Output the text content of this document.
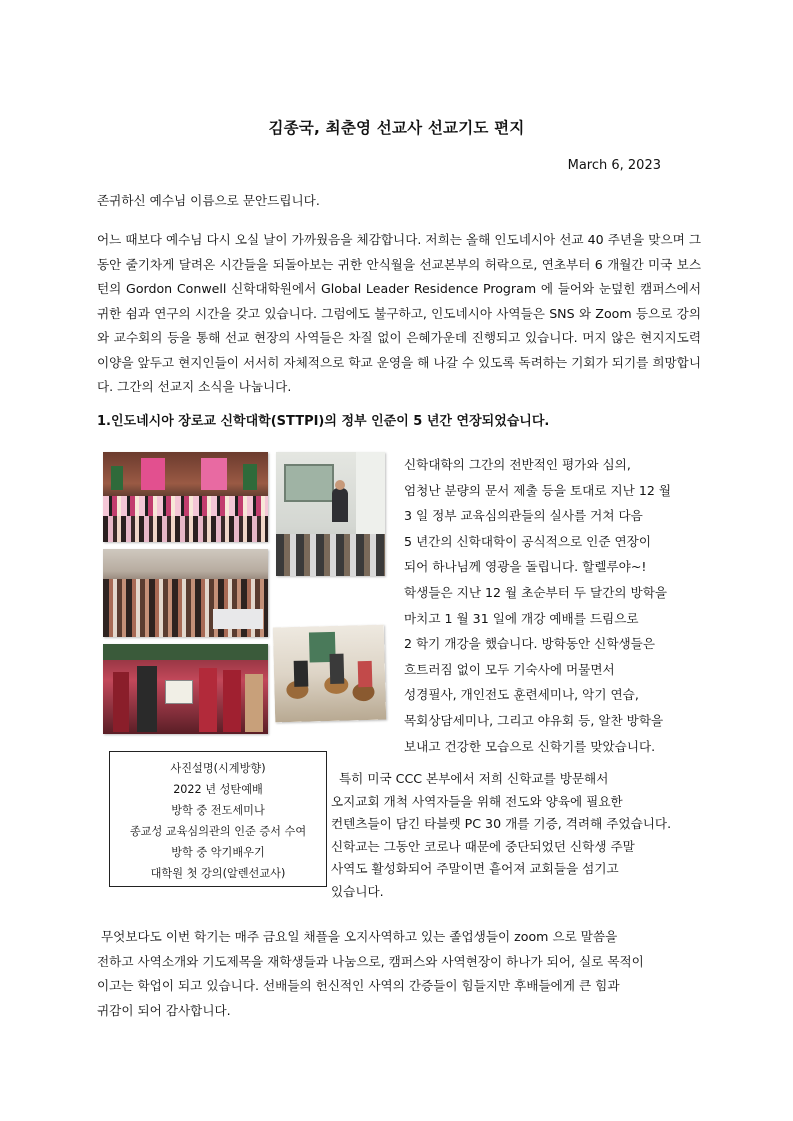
김종국, 최춘영 선교사 선교기도 편지
March 6, 2023

존귀하신 예수님 이름으로 문안드립니다.

어느 때보다 예수님 다시 오실 날이 가까웠음을 체감합니다. 저희는 올해 인도네시아 선교 40 주년을 맞으며 그동안 줄기차게 달려온 시간들을 되돌아보는 귀한 안식월을 선교본부의 허락으로, 연초부터 6 개월간 미국 보스턴의 Gordon Conwell 신학대학원에서 Global Leader Residence Program 에 들어와 눈덮힌 캠퍼스에서 귀한 쉼과 연구의 시간을 갖고 있습니다. 그럼에도 불구하고, 인도네시아 사역들은 SNS 와 Zoom 등으로 강의와 교수회의 등을 통해 선교 현장의 사역들은 차질 없이 은혜가운데 진행되고 있습니다. 머지 않은 현지지도력 이양을 앞두고 현지인들이 서서히 자체적으로 학교 운영을 해 나갈 수 있도록 독려하는 기회가 되기를 희망합니다. 그간의 선교지 소식을 나눕니다.

1.인도네시아 장로교 신학대학(STTPI)의 정부 인준이 5 년간 연장되었습니다.

신학대학의 그간의 전반적인 평가와 심의,
엄청난 분량의 문서 제출 등을 토대로 지난 12 월
3 일 정부 교육심의관들의 실사를 거쳐 다음
5 년간의 신학대학이 공식적으로 인준 연장이
되어 하나님께 영광을 돌립니다. 할렐루야~!
학생들은 지난 12 월 초순부터 두 달간의 방학을
마치고 1 월 31 일에 개강 예배를 드림으로
2 학기 개강을 했습니다. 방학동안 신학생들은
흐트러짐 없이 모두 기숙사에 머물면서
성경필사, 개인전도 훈련세미나, 악기 연습,
목회상담세미나, 그리고 야유회 등, 알찬 방학을
보내고 건강한 모습으로 신학기를 맞았습니다.
사진설명(시계방향)
2022 년 성탄예배
방학 중 전도세미나
종교성 교육심의관의 인준 증서 수여
방학 중 악기배우기
대학원 첫 강의(알렌선교사)
특히 미국 CCC 본부에서 저희 신학교를 방문해서
오지교회 개척 사역자들을 위해 전도와 양육에 필요한
컨텐츠들이 담긴 타블렛 PC 30 개를 기증, 격려해 주었습니다.
신학교는 그동안 코로나 때문에 중단되었던 신학생 주말
사역도 활성화되어 주말이면 흩어져 교회들을 섬기고
있습니다.
무엇보다도 이번 학기는 매주 금요일 채플을 오지사역하고 있는 졸업생들이 zoom 으로 말씀을
전하고 사역소개와 기도제목을 재학생들과 나눔으로, 캠퍼스와 사역현장이 하나가 되어, 실로 목적이
이고는 학업이 되고 있습니다. 선배들의 헌신적인 사역의 간증들이 힘들지만 후배들에게 큰 힘과
귀감이 되어 감사합니다.
